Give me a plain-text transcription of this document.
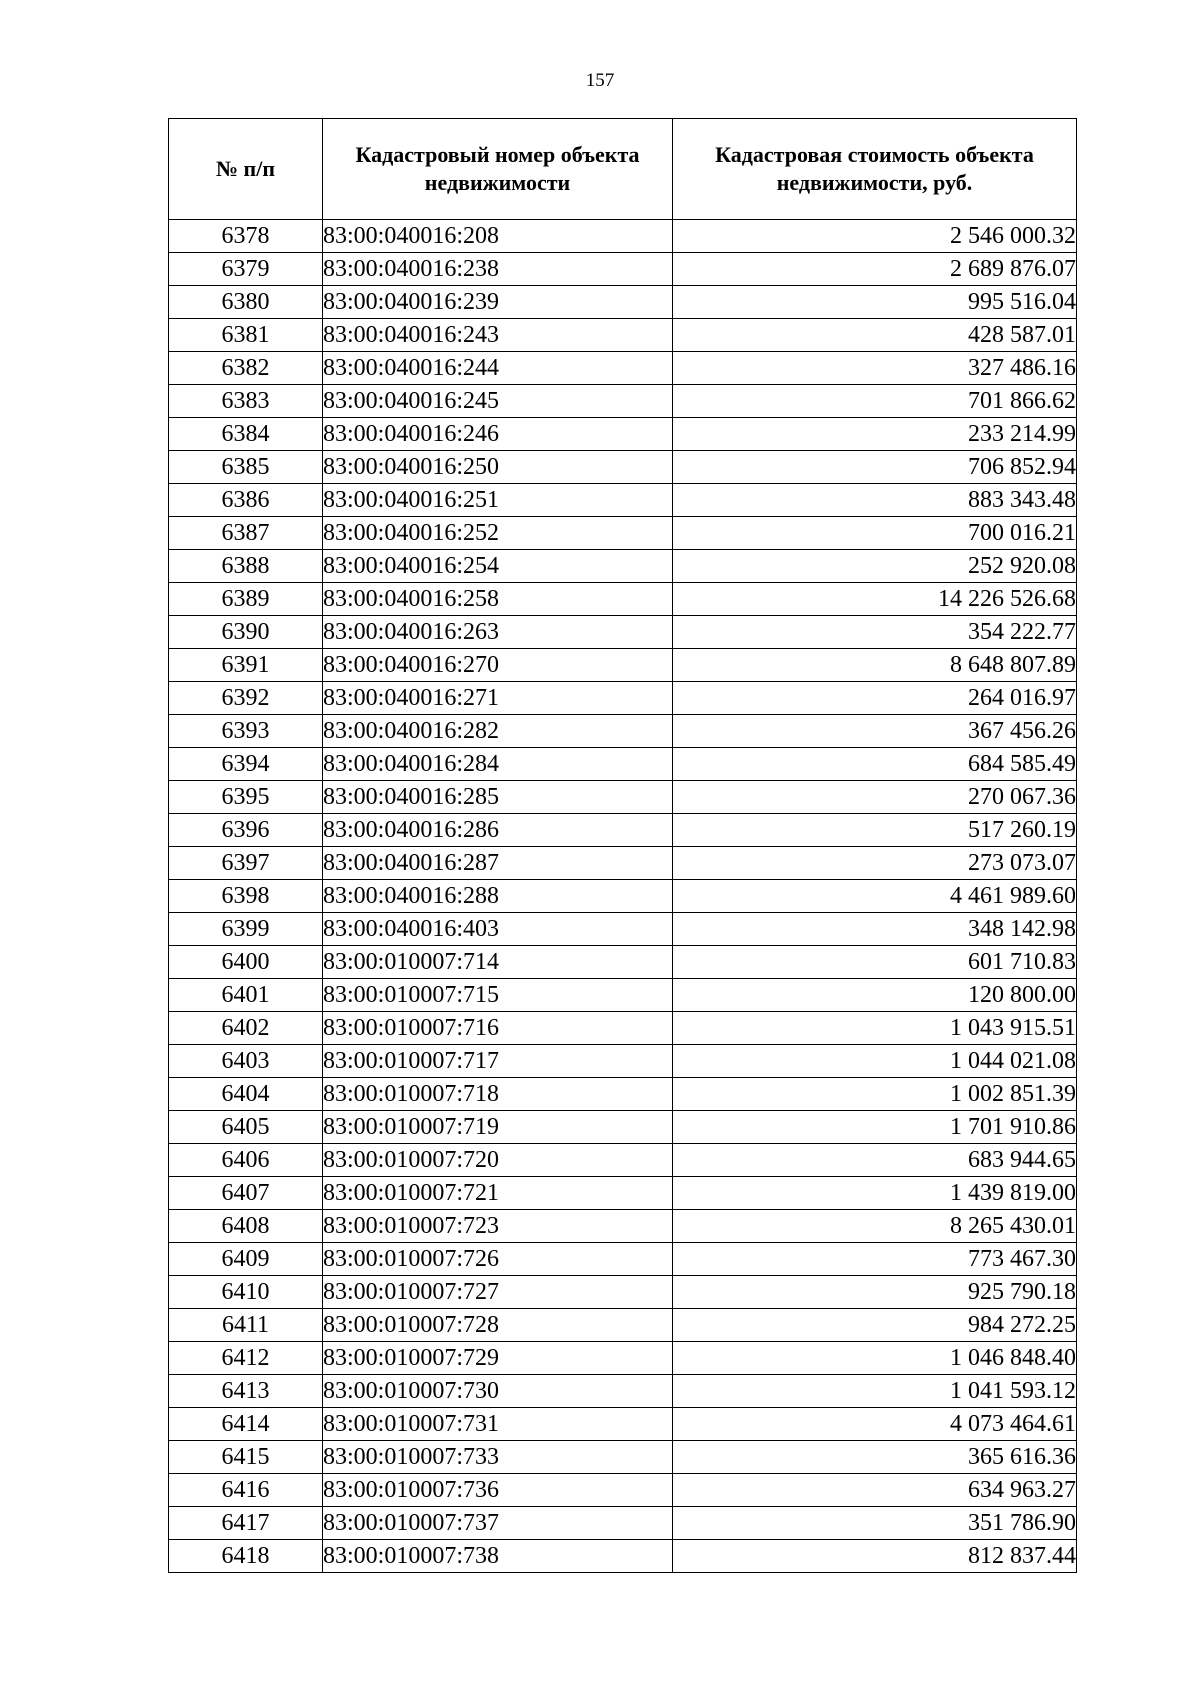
157
№ п/п	Кадастровый номер объекта недвижимости	Кадастровая стоимость объекта недвижимости, руб.
6378	83:00:040016:208	2 546 000.32
6379	83:00:040016:238	2 689 876.07
6380	83:00:040016:239	995 516.04
6381	83:00:040016:243	428 587.01
6382	83:00:040016:244	327 486.16
6383	83:00:040016:245	701 866.62
6384	83:00:040016:246	233 214.99
6385	83:00:040016:250	706 852.94
6386	83:00:040016:251	883 343.48
6387	83:00:040016:252	700 016.21
6388	83:00:040016:254	252 920.08
6389	83:00:040016:258	14 226 526.68
6390	83:00:040016:263	354 222.77
6391	83:00:040016:270	8 648 807.89
6392	83:00:040016:271	264 016.97
6393	83:00:040016:282	367 456.26
6394	83:00:040016:284	684 585.49
6395	83:00:040016:285	270 067.36
6396	83:00:040016:286	517 260.19
6397	83:00:040016:287	273 073.07
6398	83:00:040016:288	4 461 989.60
6399	83:00:040016:403	348 142.98
6400	83:00:010007:714	601 710.83
6401	83:00:010007:715	120 800.00
6402	83:00:010007:716	1 043 915.51
6403	83:00:010007:717	1 044 021.08
6404	83:00:010007:718	1 002 851.39
6405	83:00:010007:719	1 701 910.86
6406	83:00:010007:720	683 944.65
6407	83:00:010007:721	1 439 819.00
6408	83:00:010007:723	8 265 430.01
6409	83:00:010007:726	773 467.30
6410	83:00:010007:727	925 790.18
6411	83:00:010007:728	984 272.25
6412	83:00:010007:729	1 046 848.40
6413	83:00:010007:730	1 041 593.12
6414	83:00:010007:731	4 073 464.61
6415	83:00:010007:733	365 616.36
6416	83:00:010007:736	634 963.27
6417	83:00:010007:737	351 786.90
6418	83:00:010007:738	812 837.44
